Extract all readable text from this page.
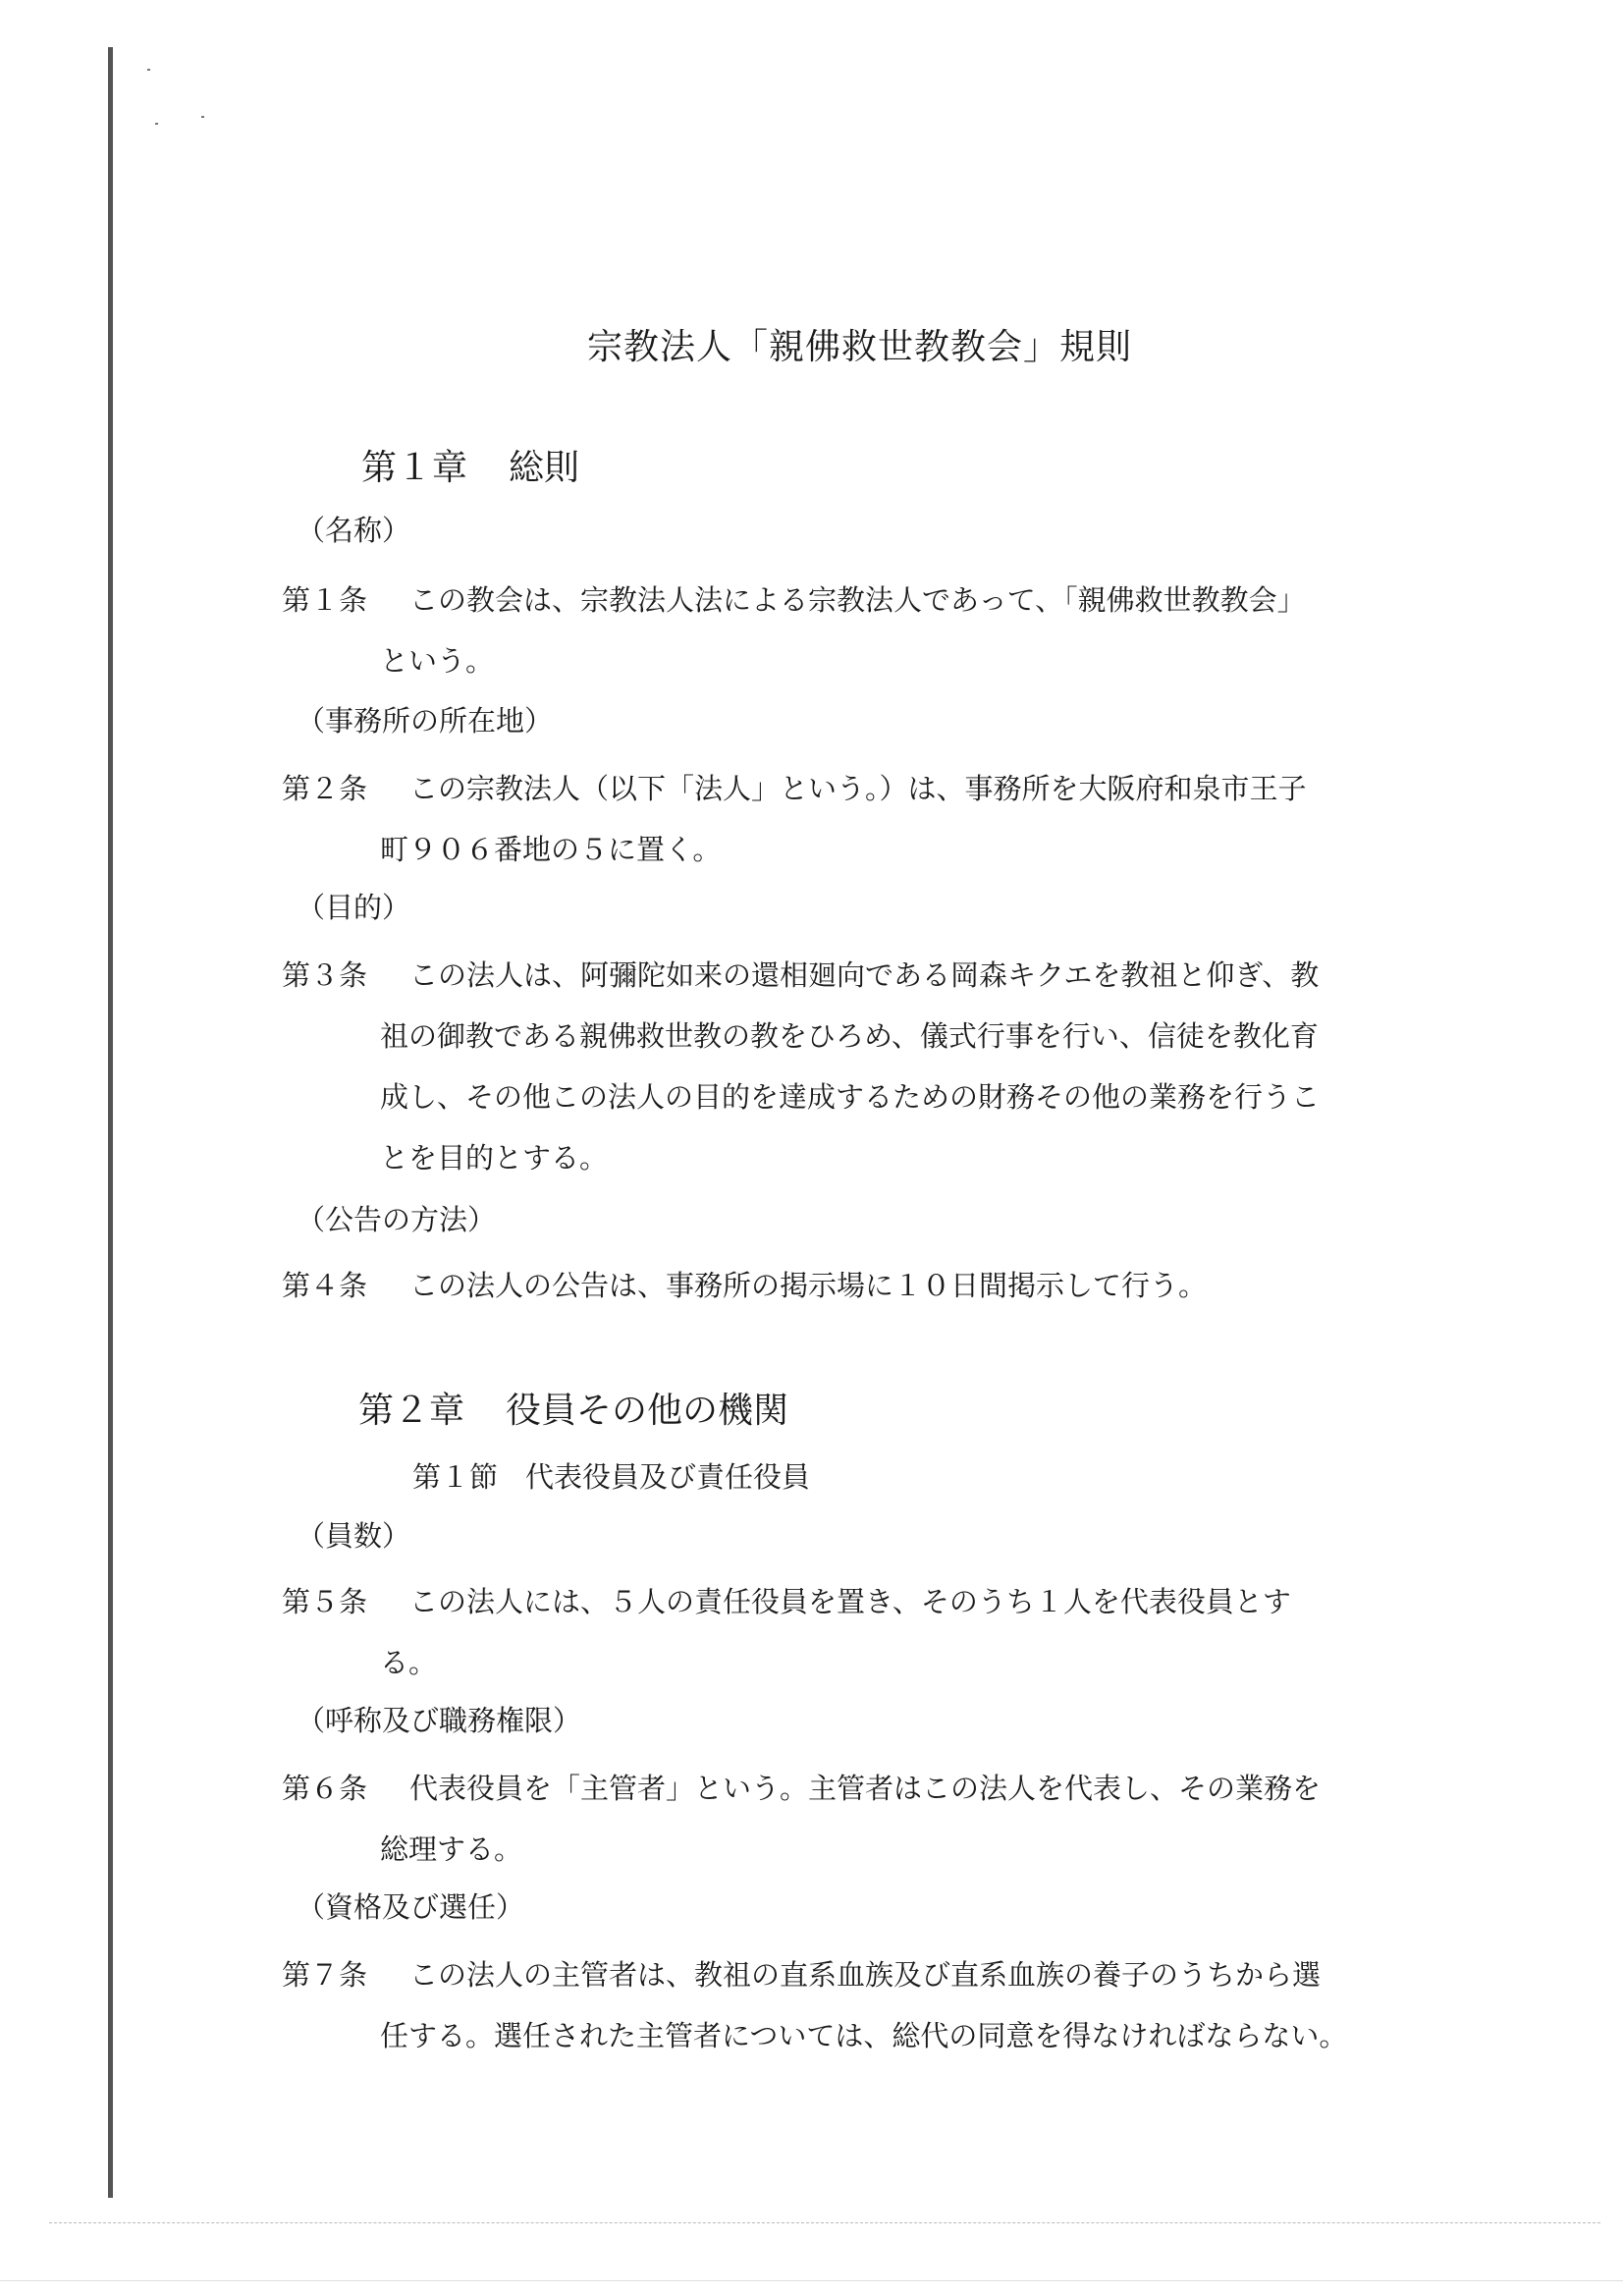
宗教法人「親佛救世教教会」規則
第１章 総則
（名称）
第１条	この教会は、宗教法人法による宗教法人であって、「親佛救世教教会」
という。
（事務所の所在地）
第２条	この宗教法人（以下「法人」という。）は、事務所を大阪府和泉市王子
町９０６番地の５に置く。
（目的）
第３条	この法人は、阿彌陀如来の還相廻向である岡森キクエを教祖と仰ぎ、教
祖の御教である親佛救世教の教をひろめ、儀式行事を行い、信徒を教化育
成し、その他この法人の目的を達成するための財務その他の業務を行うこ
とを目的とする。
（公告の方法）
第４条	この法人の公告は、事務所の掲示場に１０日間掲示して行う。
第２章 役員その他の機関
第１節 代表役員及び責任役員
（員数）
第５条	この法人には、５人の責任役員を置き、そのうち１人を代表役員とす
る。
（呼称及び職務権限）
第６条	代表役員を「主管者」という。主管者はこの法人を代表し、その業務を
総理する。
（資格及び選任）
第７条	この法人の主管者は、教祖の直系血族及び直系血族の養子のうちから選
任する。選任された主管者については、総代の同意を得なければならない。
